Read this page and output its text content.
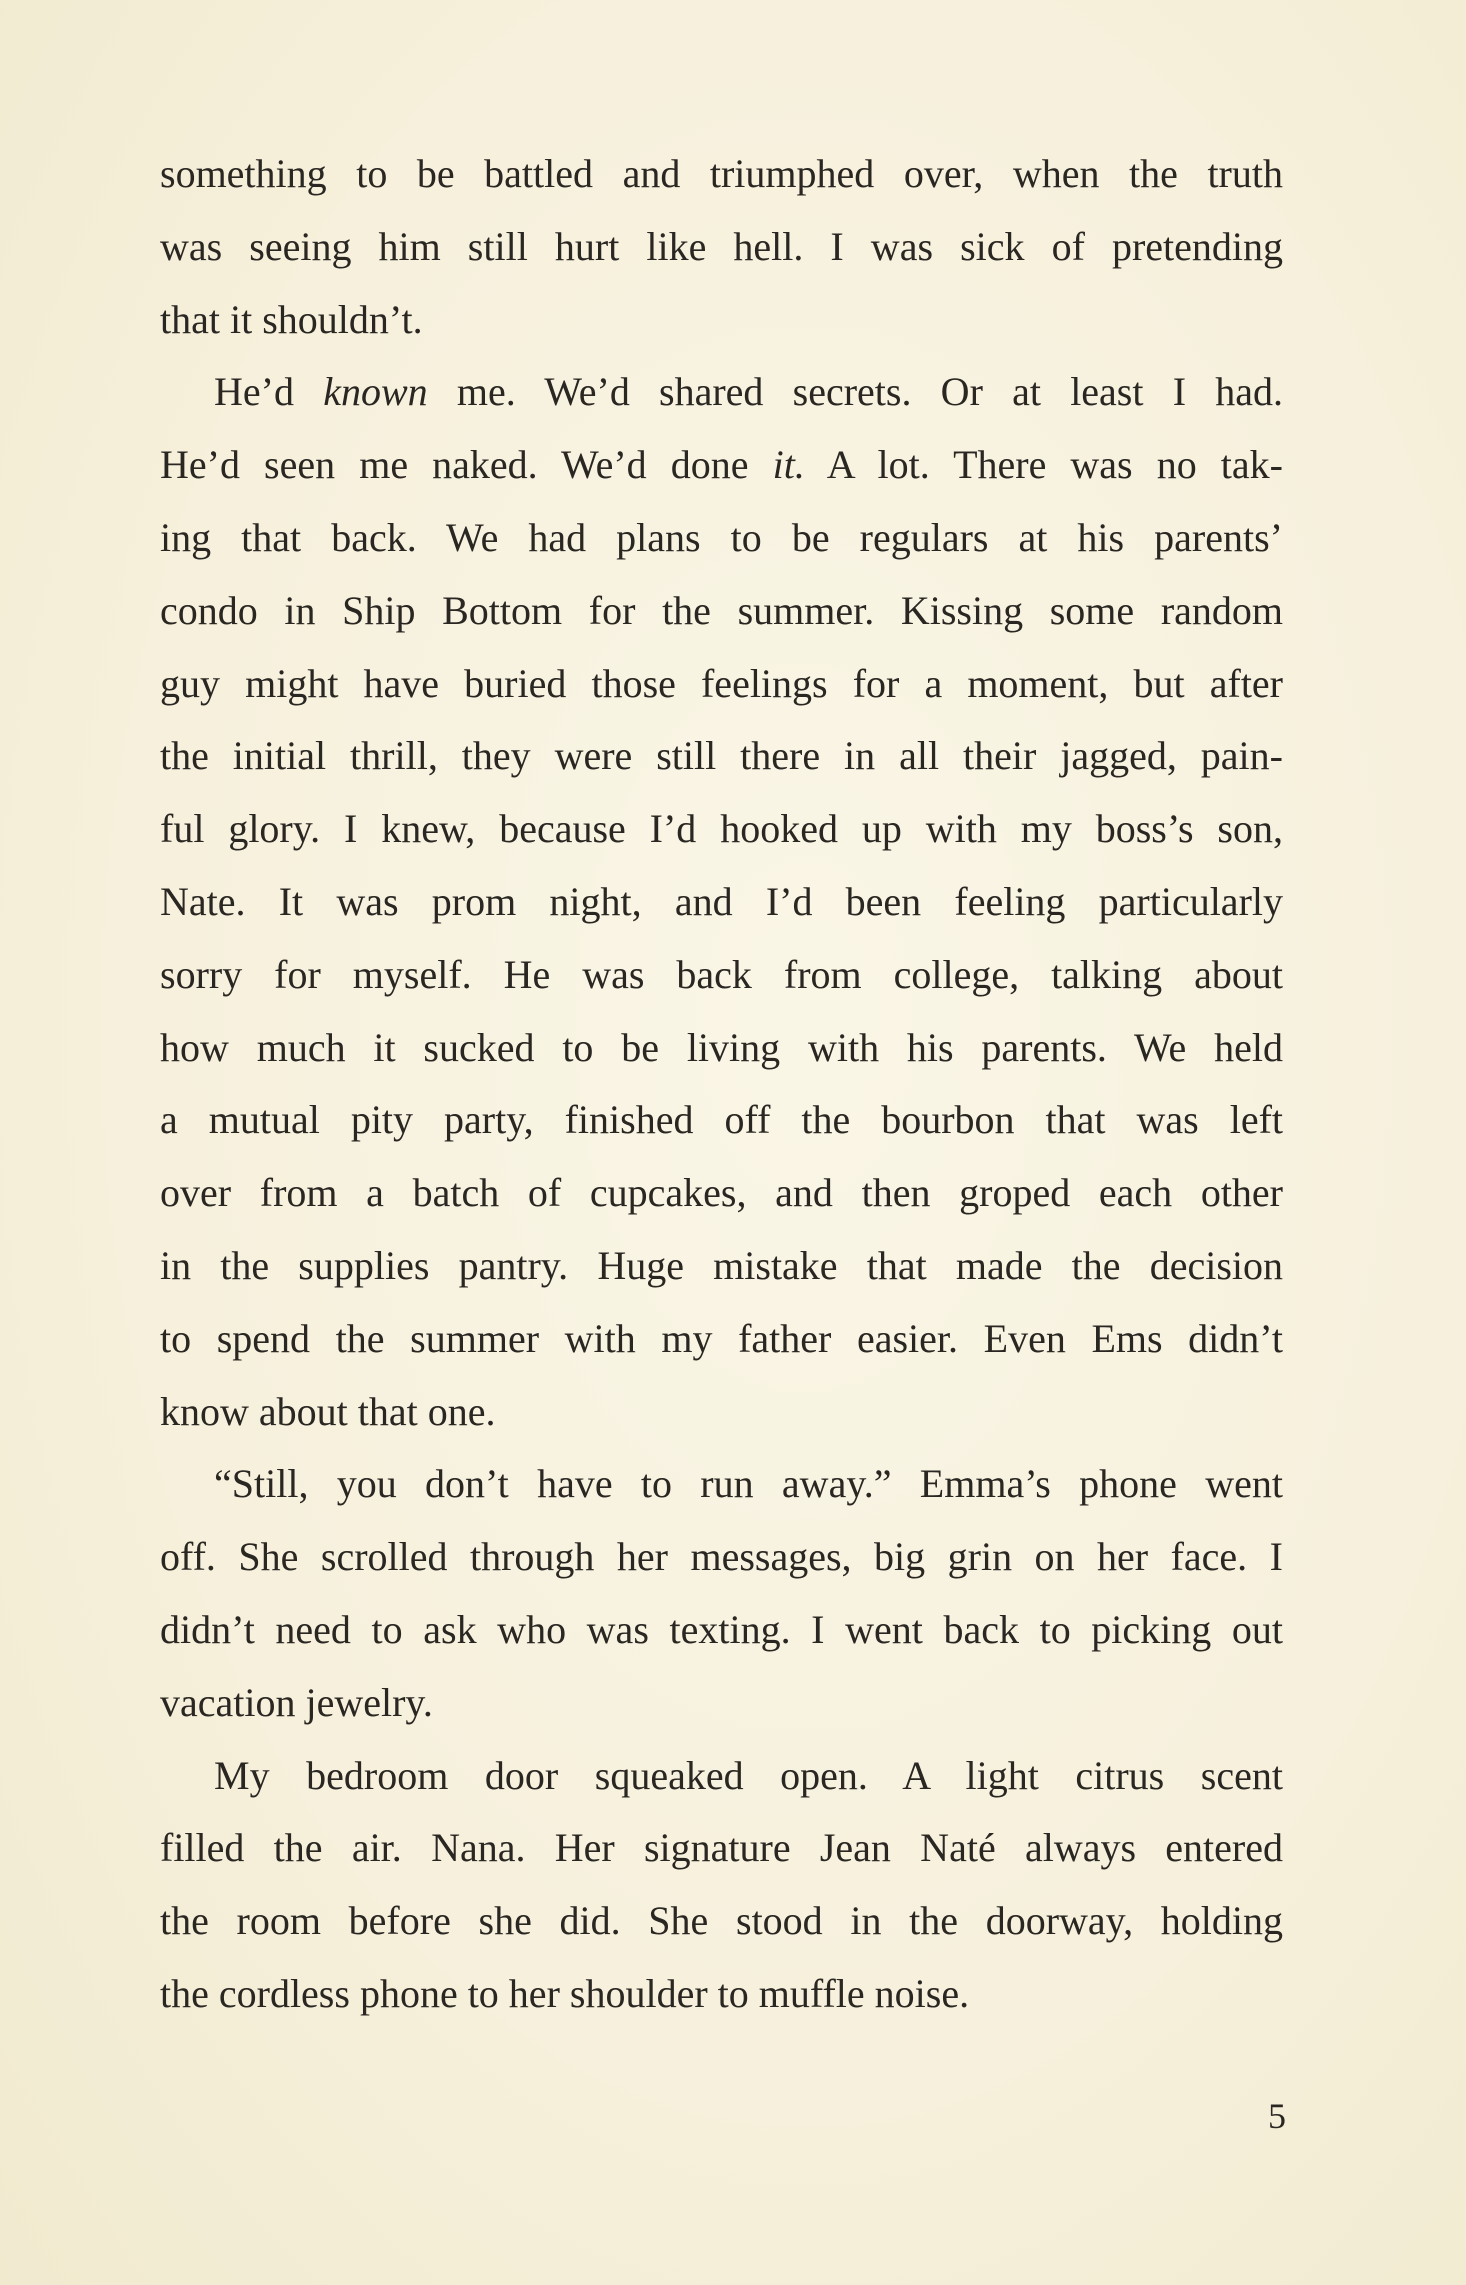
something to be battled and triumphed over, when the truth
was seeing him still hurt like hell. I was sick of pretending
that it shouldn’t.
He’d known me. We’d shared secrets. Or at least I had.
He’d seen me naked. We’d done it. A lot. There was no tak-
ing that back. We had plans to be regulars at his parents’
condo in Ship Bottom for the summer. Kissing some random
guy might have buried those feelings for a moment, but after
the initial thrill, they were still there in all their jagged, pain-
ful glory. I knew, because I’d hooked up with my boss’s son,
Nate. It was prom night, and I’d been feeling particularly
sorry for myself. He was back from college, talking about
how much it sucked to be living with his parents. We held
a mutual pity party, finished off the bourbon that was left
over from a batch of cupcakes, and then groped each other
in the supplies pantry. Huge mistake that made the decision
to spend the summer with my father easier. Even Ems didn’t
know about that one.
“Still, you don’t have to run away.” Emma’s phone went
off. She scrolled through her messages, big grin on her face. I
didn’t need to ask who was texting. I went back to picking out
vacation jewelry.
My bedroom door squeaked open. A light citrus scent
filled the air. Nana. Her signature Jean Naté always entered
the room before she did. She stood in the doorway, holding
the cordless phone to her shoulder to muffle noise.
5
